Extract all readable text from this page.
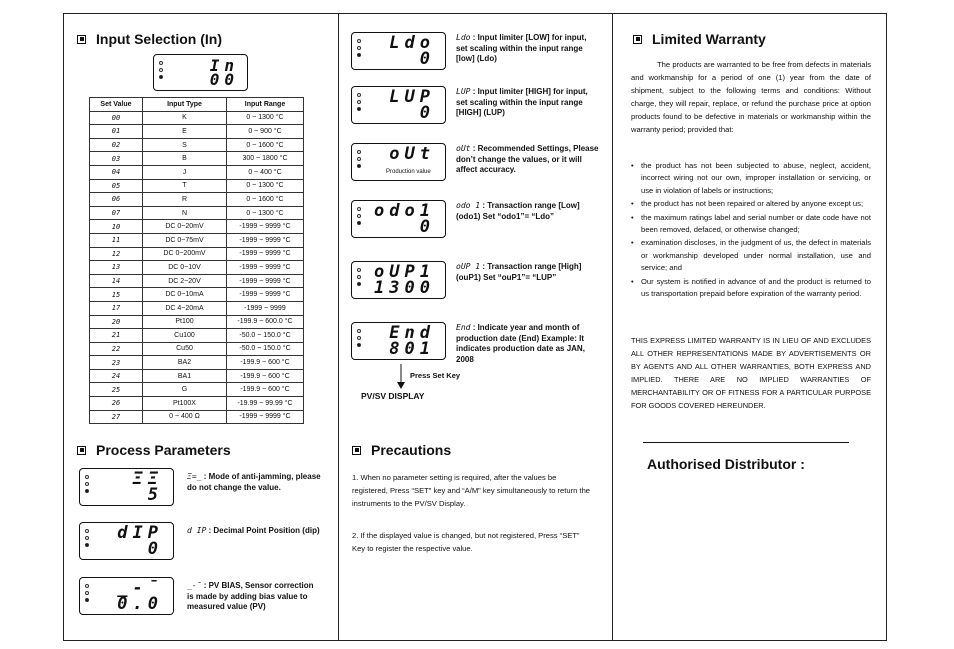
Input Selection (In)
In
00
Set Value	Input Type	Input Range
00	K	0 ~ 1300 °C
01	E	0 ~ 900 °C
02	S	0 ~ 1600 °C
03	B	300 ~ 1800 °C
04	J	0 ~ 400 °C
05	T	0 ~ 1300 °C
06	R	0 ~ 1600 °C
07	N	0 ~ 1300 °C
10	DC 0~20mV	-1999 ~ 9999 °C
11	DC 0~75mV	-1999 ~ 9999 °C
12	DC 0~200mV	-1999 ~ 9999 °C
13	DC 0~10V	-1999 ~ 9999 °C
14	DC 2~20V	-1999 ~ 9999 °C
15	DC 0~10mA	-1999 ~ 9999 °C
17	DC 4~20mA	-1999 ~ 9999
20	Pt100	-199.9 ~ 600.0 °C
21	Cu100	-50.0 ~ 150.0 °C
22	Cu50	-50.0 ~ 150.0 °C
23	BA2	-199.9 ~ 600 °C
24	BA1	-199.9 ~ 600 °C
25	G	-199.9 ~ 600 °C
26	Pt100X	-19.99 ~ 99.99 °C
27	0 ~ 400 Ω	-1999 ~ 9999 °C
Process Parameters
ΞΞ
5
Ξ=_ : Mode of anti-jamming, please do not change the value.
dIP
0
d IP : Decimal Point Position (dip)
_-¯
0.0
_-¯ : PV BIAS, Sensor correction is made by adding bias value to measured value (PV)
Ldo
0
Ldo : Input limiter [LOW] for input, set scaling within the input range [low] (Ldo)
LUP
0
LUP : Input limiter [HIGH] for input, set scaling within the input range [HIGH] (LUP)
oUt
Production value
oUt : Recommended Settings, Please don’t change the values, or it will affect accuracy.
odo1
0
odo 1 : Transaction range [Low] (odo1) Set “odo1”= “Ldo”
oUP1
1300
oUP 1 : Transaction range [High] (ouP1) Set “ouP1”= “LUP”
End
801
End : Indicate year and month of production date (End) Example: It indicates production date as JAN, 2008
Press Set Key
PV/SV DISPLAY
Precautions
1. When no parameter setting is required, after the values be registered, Press “SET” key and “A/M” key simultaneously to return the instruments to the PV/SV Display.
2. If the displayed value is changed, but not registered, Press “SET” Key to register the respective value.
Limited Warranty
The products are warranted to be free from defects in materials and workmanship for a period of one (1) year from the date of shipment, subject to the following terms and conditions: Without charge, they will repair, replace, or refund the purchase price at option products found to be defective in materials or workmanship within the warranty period; provided that:
• the product has not been subjected to abuse, neglect, accident, incorrect wiring not our own, improper installation or servicing, or use in violation of labels or instructions;
• the product has not been repaired or altered by anyone except us;
• the maximum ratings label and serial number or date code have not been removed, defaced, or otherwise changed;
• examination discloses, in the judgment of us, the defect in materials or workmanship developed under normal installation, use and service; and
• Our system is notified in advance of and the product is returned to us transportation prepaid before expiration of the warranty period.
THIS EXPRESS LIMITED WARRANTY IS IN LIEU OF AND EXCLUDES ALL OTHER REPRESENTATIONS MADE BY ADVERTISEMENTS OR BY AGENTS AND ALL OTHER WARRANTIES, BOTH EXPRESS AND IMPLIED. THERE ARE NO IMPLIED WARRANTIES OF MERCHANTABILITY OR OF FITNESS FOR A PARTICULAR PURPOSE FOR GOODS COVERED HEREUNDER.
Authorised Distributor :
